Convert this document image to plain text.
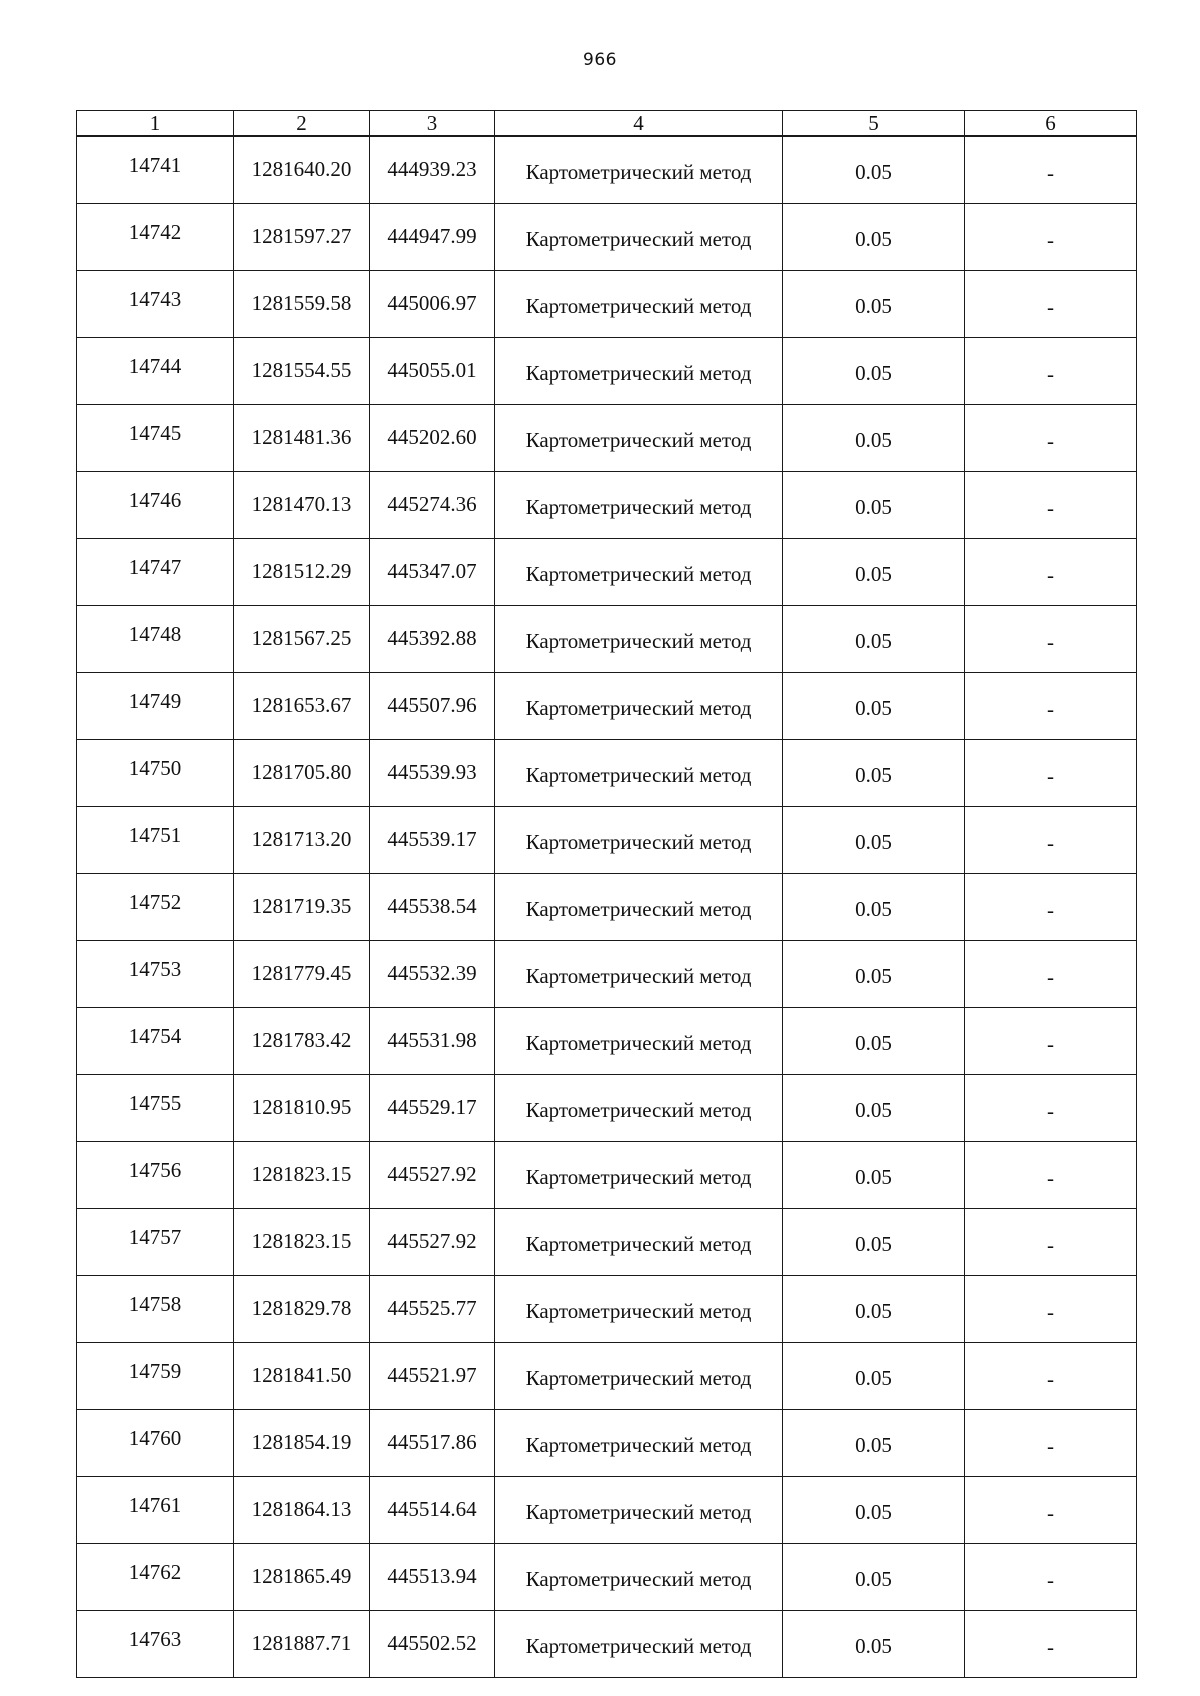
966
1	2	3	4	5	6
14741	1281640.20	444939.23	Картометрический метод	0.05	-
14742	1281597.27	444947.99	Картометрический метод	0.05	-
14743	1281559.58	445006.97	Картометрический метод	0.05	-
14744	1281554.55	445055.01	Картометрический метод	0.05	-
14745	1281481.36	445202.60	Картометрический метод	0.05	-
14746	1281470.13	445274.36	Картометрический метод	0.05	-
14747	1281512.29	445347.07	Картометрический метод	0.05	-
14748	1281567.25	445392.88	Картометрический метод	0.05	-
14749	1281653.67	445507.96	Картометрический метод	0.05	-
14750	1281705.80	445539.93	Картометрический метод	0.05	-
14751	1281713.20	445539.17	Картометрический метод	0.05	-
14752	1281719.35	445538.54	Картометрический метод	0.05	-
14753	1281779.45	445532.39	Картометрический метод	0.05	-
14754	1281783.42	445531.98	Картометрический метод	0.05	-
14755	1281810.95	445529.17	Картометрический метод	0.05	-
14756	1281823.15	445527.92	Картометрический метод	0.05	-
14757	1281823.15	445527.92	Картометрический метод	0.05	-
14758	1281829.78	445525.77	Картометрический метод	0.05	-
14759	1281841.50	445521.97	Картометрический метод	0.05	-
14760	1281854.19	445517.86	Картометрический метод	0.05	-
14761	1281864.13	445514.64	Картометрический метод	0.05	-
14762	1281865.49	445513.94	Картометрический метод	0.05	-
14763	1281887.71	445502.52	Картометрический метод	0.05	-
